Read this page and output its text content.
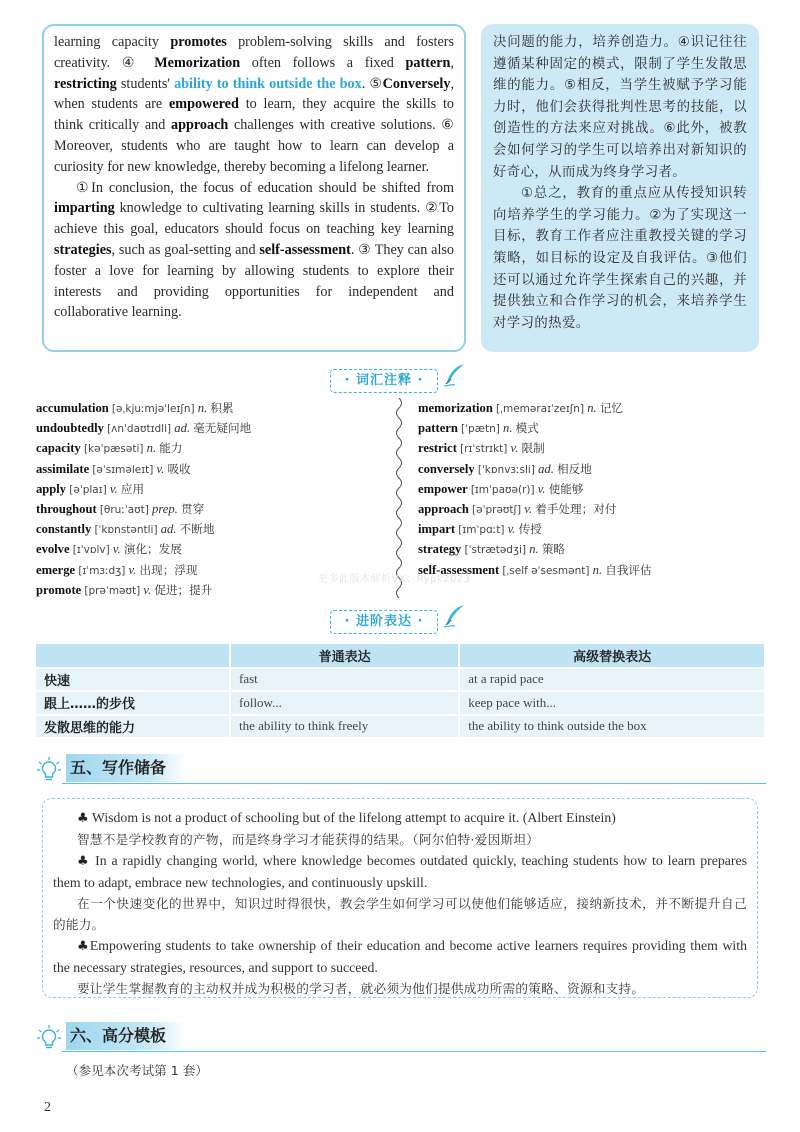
learning capacity promotes problem-solving skills and fosters creativity. ④ Memorization often follows a fixed pattern, restricting students' ability to think outside the box. ⑤Conversely, when students are empowered to learn, they acquire the skills to think critically and approach challenges with creative solutions. ⑥ Moreover, students who are taught how to learn can develop a curiosity for new knowledge, thereby becoming a lifelong learner.

①In conclusion, the focus of education should be shifted from imparting knowledge to cultivating learning skills in students. ②To achieve this goal, educators should focus on teaching key learning strategies, such as goal-setting and self-assessment. ③ They can also foster a love for learning by allowing students to explore their interests and providing opportunities for independent and collaborative learning.

决问题的能力，培养创造力。④识记往往遵循某种固定的模式，限制了学生发散思维的能力。⑤相反，当学生被赋予学习能力时，他们会获得批判性思考的技能，以创造性的方法来应对挑战。⑥此外，被教会如何学习的学生可以培养出对新知识的好奇心，从而成为终身学习者。

①总之，教育的重点应从传授知识转向培养学生的学习能力。②为了实现这一目标，教育工作者应注重教授关键的学习策略，如目标的设定及自我评估。③他们还可以通过允许学生探索自己的兴趣，并提供独立和合作学习的机会，来培养学生对学习的热爱。

· 词汇注释 ·
accumulation [əˌkjuːmjəˈleɪʃn] n. 积累
undoubtedly [ʌnˈdaʊtɪdli] ad. 毫无疑问地
capacity [kəˈpæsəti] n. 能力
assimilate [əˈsɪməleɪt] v. 吸收
apply [əˈplaɪ] v. 应用
throughout [θruːˈaʊt] prep. 贯穿
constantly [ˈkɒnstəntli] ad. 不断地
evolve [ɪˈvɒlv] v. 演化；发展
emerge [ɪˈmɜːdʒ] v. 出现；浮现
promote [prəˈməʊt] v. 促进；提升
memorization [ˌmeməraɪˈzeɪʃn] n. 记忆
pattern [ˈpætn] n. 模式
restrict [rɪˈstrɪkt] v. 限制
conversely [ˈkɒnvɜːsli] ad. 相反地
empower [ɪmˈpaʊə(r)] v. 使能够
approach [əˈprəʊtʃ] v. 着手处理；对付
impart [ɪmˈpɑːt] v. 传授
strategy [ˈstrætədʒi] n. 策略
self-assessment [ˌself əˈsesmənt] n. 自我评估
更多此版本解析VX：Rypk2023
· 进阶表达 ·
	普通表达	高级替换表达
快速	fast	at a rapid pace
跟上……的步伐	follow...	keep pace with...
发散思维的能力	the ability to think freely	the ability to think outside the box
五、写作储备

♣ Wisdom is not a product of schooling but of the lifelong attempt to acquire it. (Albert Einstein)

智慧不是学校教育的产物，而是终身学习才能获得的结果。（阿尔伯特·爱因斯坦）

♣ In a rapidly changing world, where knowledge becomes outdated quickly, teaching students how to learn prepares them to adapt, embrace new technologies, and continuously upskill.

在一个快速变化的世界中，知识过时得很快，教会学生如何学习可以使他们能够适应，接纳新技术，并不断提升自己的能力。

♣Empowering students to take ownership of their education and become active learners requires providing them with the necessary strategies, resources, and support to succeed.

要让学生掌握教育的主动权并成为积极的学习者，就必须为他们提供成功所需的策略、资源和支持。

六、高分模板
（参见本次考试第 1 套）
2
